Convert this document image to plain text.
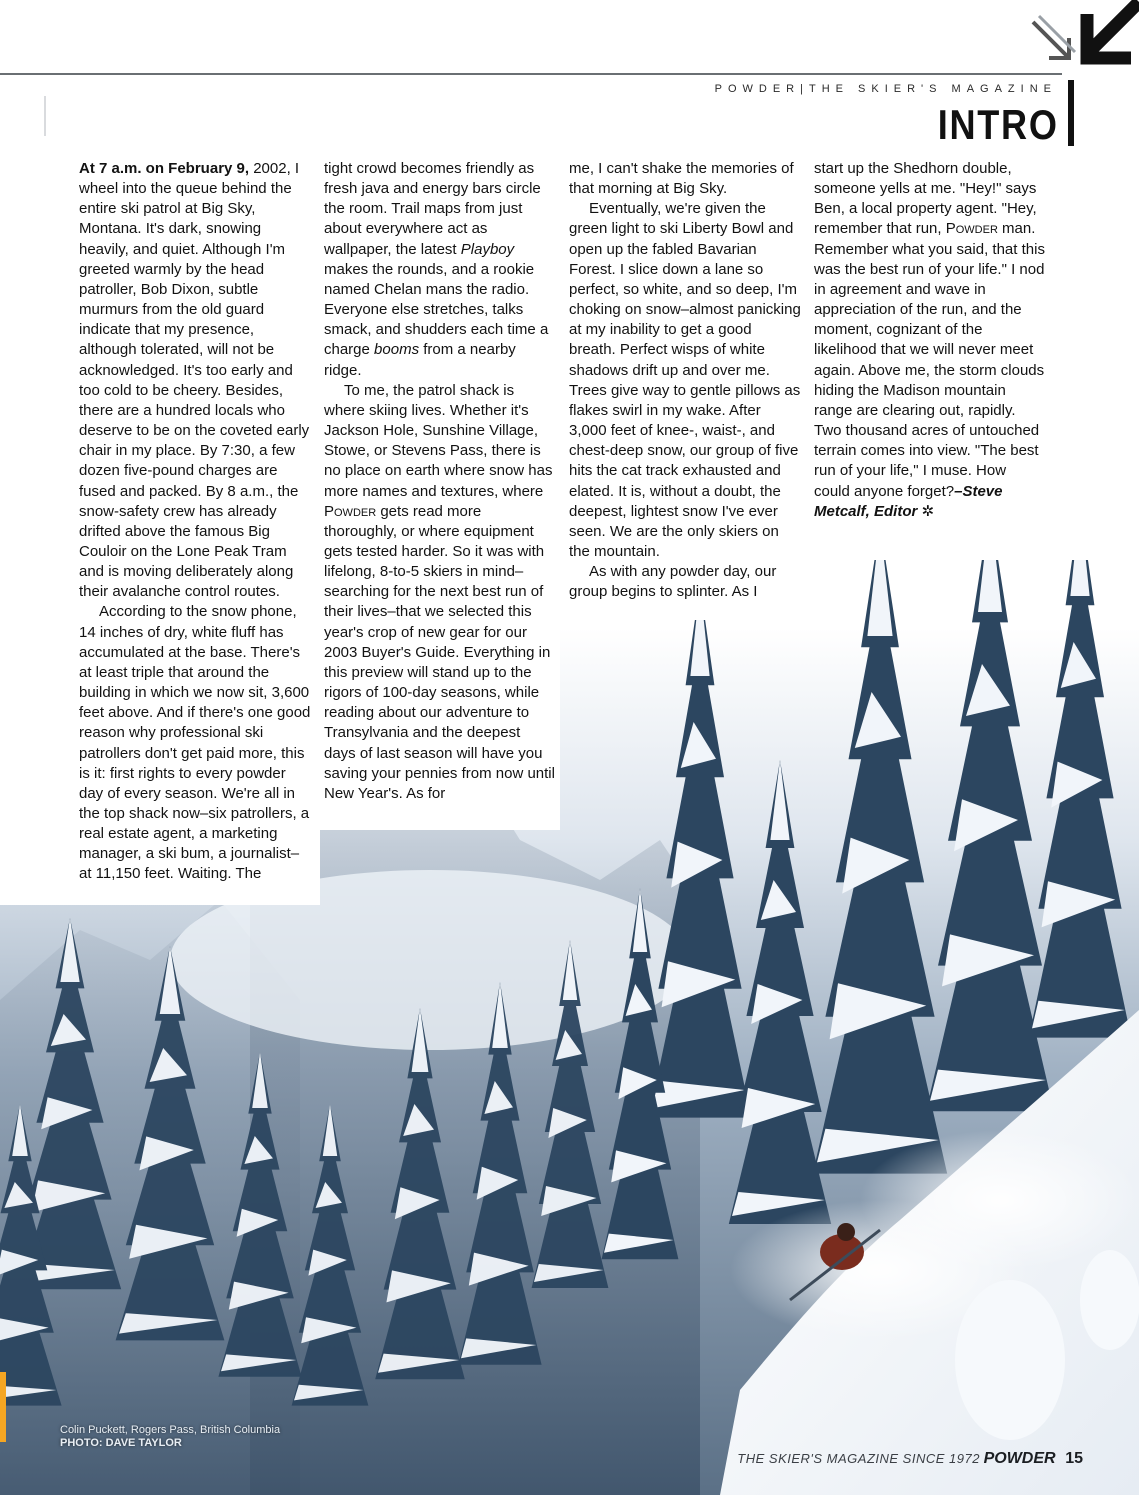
POWDER|THE SKIER'S MAGAZINE
INTRO

At 7 a.m. on February 9, 2002, I wheel into the queue behind the entire ski patrol at Big Sky, Montana. It's dark, snowing heavily, and quiet. Although I'm greeted warmly by the head patroller, Bob Dixon, subtle murmurs from the old guard indicate that my presence, although tolerated, will not be acknowledged. It's too early and too cold to be cheery. Besides, there are a hundred locals who deserve to be on the coveted early chair in my place. By 7:30, a few dozen five-pound charges are fused and packed. By 8 a.m., the snow-safety crew has already drifted above the famous Big Couloir on the Lone Peak Tram and is moving deliberately along their avalanche control routes.

According to the snow phone, 14 inches of dry, white fluff has accumulated at the base. There's at least triple that around the building in which we now sit, 3,600 feet above. And if there's one good reason why professional ski patrollers don't get paid more, this is it: first rights to every powder day of every season. We're all in the top shack now–six patrollers, a real estate agent, a marketing manager, a ski bum, a journalist–at 11,150 feet. Waiting. The

tight crowd becomes friendly as fresh java and energy bars circle the room. Trail maps from just about everywhere act as wallpaper, the latest Playboy makes the rounds, and a rookie named Chelan mans the radio. Everyone else stretches, talks smack, and shudders each time a charge booms from a nearby ridge.

To me, the patrol shack is where skiing lives. Whether it's Jackson Hole, Sunshine Village, Stowe, or Stevens Pass, there is no place on earth where snow has more names and textures, where Powder gets read more thoroughly, or where equipment gets tested harder. So it was with lifelong, 8-to-5 skiers in mind–searching for the next best run of their lives–that we selected this year's crop of new gear for our 2003 Buyer's Guide. Everything in this preview will stand up to the rigors of 100-day seasons, while reading about our adventure to Transylvania and the deepest days of last season will have you saving your pennies from now until New Year's. As for

me, I can't shake the memories of that morning at Big Sky.

Eventually, we're given the green light to ski Liberty Bowl and open up the fabled Bavarian Forest. I slice down a lane so perfect, so white, and so deep, I'm choking on snow–almost panicking at my inability to get a good breath. Perfect wisps of white shadows drift up and over me. Trees give way to gentle pillows as flakes swirl in my wake. After 3,000 feet of knee-, waist-, and chest-deep snow, our group of five hits the cat track exhausted and elated. It is, without a doubt, the deepest, lightest snow I've ever seen. We are the only skiers on the mountain.

As with any powder day, our group begins to splinter. As I

start up the Shedhorn double, someone yells at me. "Hey!" says Ben, a local property agent. "Hey, remember that run, Powder man. Remember what you said, that this was the best run of your life." I nod in agreement and wave in appreciation of the run, and the moment, cognizant of the likelihood that we will never meet again. Above me, the storm clouds hiding the Madison mountain range are clearing out, rapidly. Two thousand acres of untouched terrain comes into view. "The best run of your life," I muse. How could anyone forget?–Steve Metcalf, Editor ✲

Colin Puckett, Rogers Pass, British Columbia
PHOTO: DAVE TAYLOR
THE SKIER'S MAGAZINE SINCE 1972 POWDER 15
